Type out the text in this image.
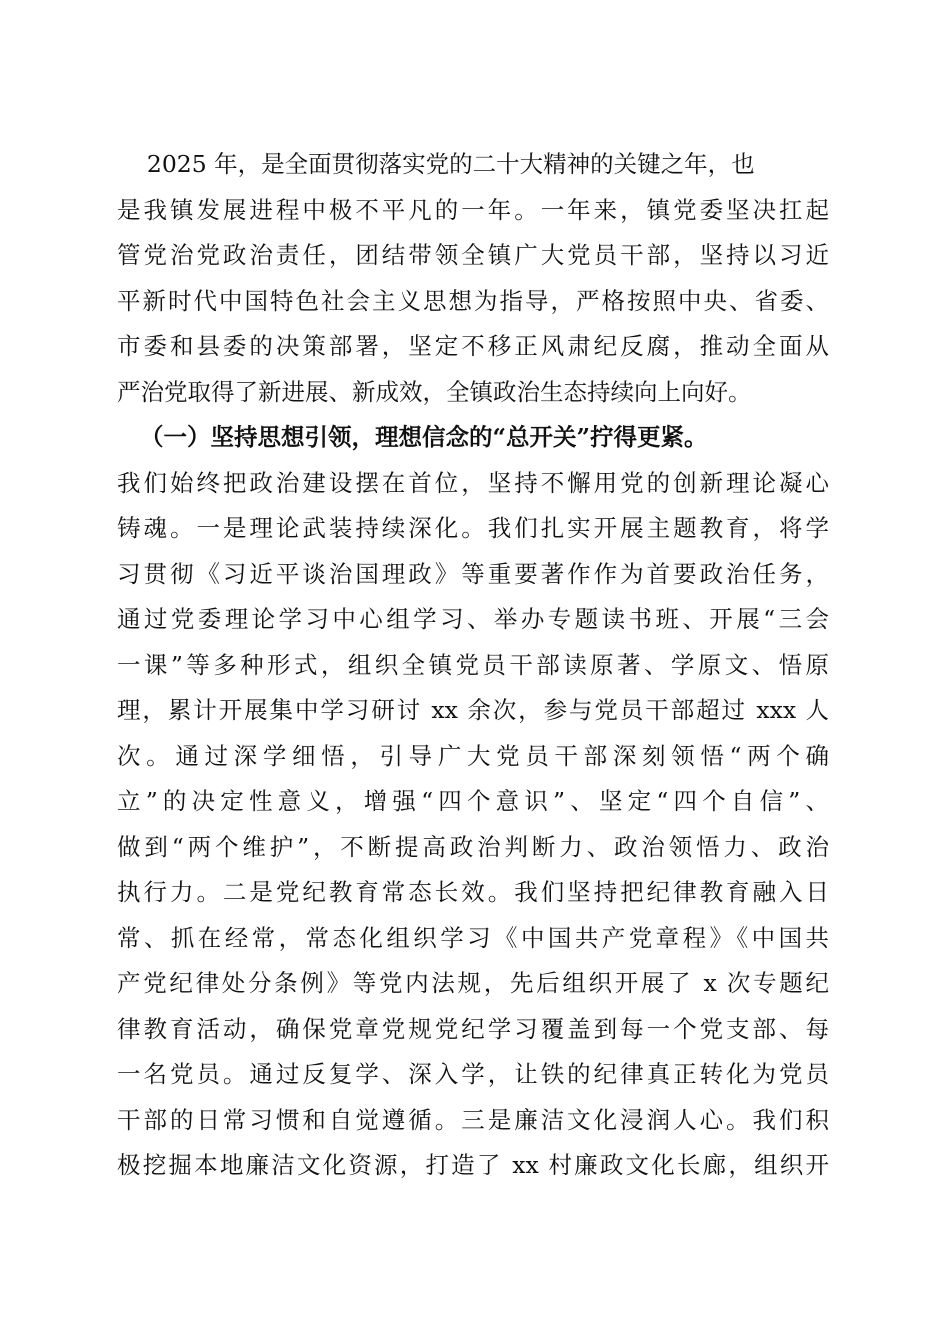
2025 年，是全面贯彻落实党的二十大精神的关键之年，也
是我镇发展进程中极不平凡的一年。一年来，镇党委坚决扛起
管党治党政治责任，团结带领全镇广大党员干部，坚持以习近
平新时代中国特色社会主义思想为指导，严格按照中央、省委、
市委和县委的决策部署，坚定不移正风肃纪反腐，推动全面从
严治党取得了新进展、新成效，全镇政治生态持续向上向好。
（一）坚持思想引领，理想信念的“总开关”拧得更紧。
我们始终把政治建设摆在首位，坚持不懈用党的创新理论凝心
铸魂。一是理论武装持续深化。我们扎实开展主题教育，将学
习贯彻《习近平谈治国理政》等重要著作作为首要政治任务，
通过党委理论学习中心组学习、举办专题读书班、开展“三会
一课”等多种形式，组织全镇党员干部读原著、学原文、悟原
理，累计开展集中学习研讨 xx 余次，参与党员干部超过 xxx 人
次。通过深学细悟，引导广大党员干部深刻领悟“两个确
立”的决定性意义，增强“四个意识”、坚定“四个自信”、
做到“两个维护”，不断提高政治判断力、政治领悟力、政治
执行力。二是党纪教育常态长效。我们坚持把纪律教育融入日
常、抓在经常，常态化组织学习《中国共产党章程》《中国共
产党纪律处分条例》等党内法规，先后组织开展了 x 次专题纪
律教育活动，确保党章党规党纪学习覆盖到每一个党支部、每
一名党员。通过反复学、深入学，让铁的纪律真正转化为党员
干部的日常习惯和自觉遵循。三是廉洁文化浸润人心。我们积
极挖掘本地廉洁文化资源，打造了 xx 村廉政文化长廊，组织开
